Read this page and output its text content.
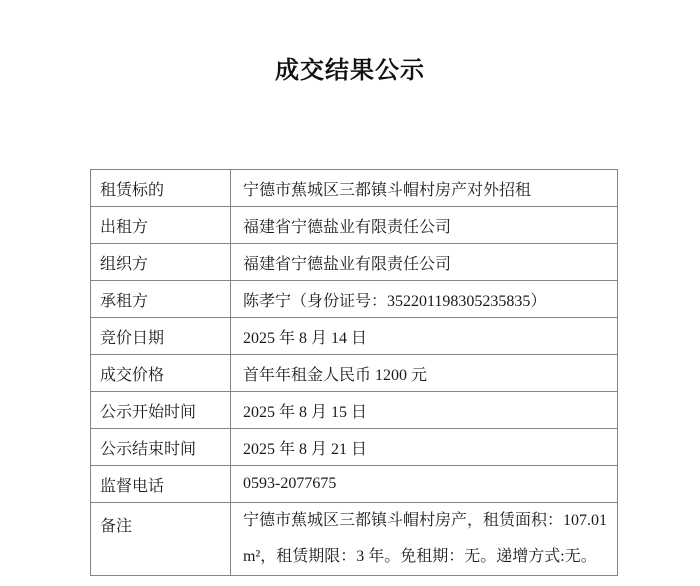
成交结果公示
租赁标的	宁德市蕉城区三都镇斗帽村房产对外招租
出租方	福建省宁德盐业有限责任公司
组织方	福建省宁德盐业有限责任公司
承租方	陈孝宁（身份证号：352201198305235835）
竞价日期	2025 年 8 月 14 日
成交价格	首年年租金人民币 1200 元
公示开始时间	2025 年 8 月 15 日
公示结束时间	2025 年 8 月 21 日
监督电话	0593-2077675
备注	宁德市蕉城区三都镇斗帽村房产，租赁面积：107.01 m²，租赁期限：3 年。免租期：无。递增方式:无。
